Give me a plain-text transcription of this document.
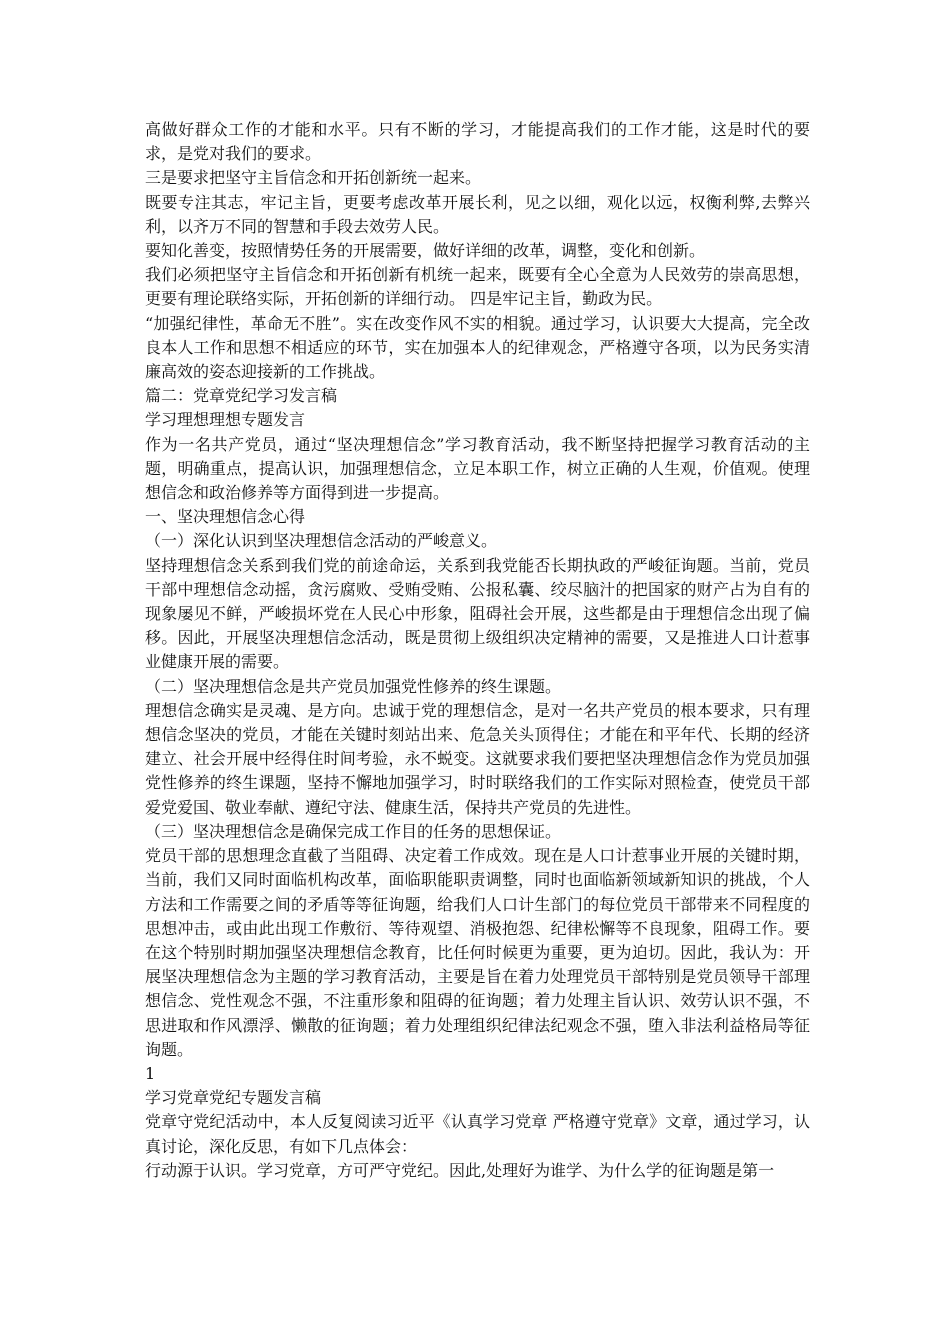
高做好群众工作的才能和水平。只有不断的学习，才能提高我们的工作才能，这是时代的要求，是党对我们的要求。

三是要求把坚守主旨信念和开拓创新统一起来。

既要专注其志，牢记主旨，更要考虑改革开展长利，见之以细，观化以远，权衡利弊,去弊兴利，以齐万不同的智慧和手段去效劳人民。

要知化善变，按照情势任务的开展需要，做好详细的改革，调整，变化和创新。

我们必须把坚守主旨信念和开拓创新有机统一起来，既要有全心全意为人民效劳的崇高思想，更要有理论联络实际，开拓创新的详细行动。 四是牢记主旨，勤政为民。

“加强纪律性，革命无不胜”。实在改变作风不实的相貌。通过学习，认识要大大提高，完全改良本人工作和思想不相适应的环节，实在加强本人的纪律观念，严格遵守各项，以为民务实清廉高效的姿态迎接新的工作挑战。

篇二：党章党纪学习发言稿

学习理想理想专题发言

作为一名共产党员，通过“坚决理想信念”学习教育活动，我不断坚持把握学习教育活动的主题，明确重点，提高认识，加强理想信念，立足本职工作，树立正确的人生观，价值观。使理想信念和政治修养等方面得到进一步提高。

一、坚决理想信念心得

（一）深化认识到坚决理想信念活动的严峻意义。

坚持理想信念关系到我们党的前途命运，关系到我党能否长期执政的严峻征询题。当前，党员干部中理想信念动摇，贪污腐败、受贿受贿、公报私囊、绞尽脑汁的把国家的财产占为自有的现象屡见不鲜，严峻损坏党在人民心中形象，阻碍社会开展，这些都是由于理想信念出现了偏移。因此，开展坚决理想信念活动，既是贯彻上级组织决定精神的需要，又是推进人口计惹事业健康开展的需要。

（二）坚决理想信念是共产党员加强党性修养的终生课题。

理想信念确实是灵魂、是方向。忠诚于党的理想信念，是对一名共产党员的根本要求，只有理想信念坚决的党员，才能在关键时刻站出来、危急关头顶得住；才能在和平年代、长期的经济建立、社会开展中经得住时间考验，永不蜕变。这就要求我们要把坚决理想信念作为党员加强党性修养的终生课题，坚持不懈地加强学习，时时联络我们的工作实际对照检查，使党员干部爱党爱国、敬业奉献、遵纪守法、健康生活，保持共产党员的先进性。

（三）坚决理想信念是确保完成工作目的任务的思想保证。

党员干部的思想理念直截了当阻碍、决定着工作成效。现在是人口计惹事业开展的关键时期，当前，我们又同时面临机构改革，面临职能职责调整，同时也面临新领域新知识的挑战，个人方法和工作需要之间的矛盾等等征询题，给我们人口计生部门的每位党员干部带来不同程度的思想冲击，或由此出现工作敷衍、等待观望、消极抱怨、纪律松懈等不良现象，阻碍工作。要在这个特别时期加强坚决理想信念教育，比任何时候更为重要，更为迫切。因此，我认为：开展坚决理想信念为主题的学习教育活动，主要是旨在着力处理党员干部特别是党员领导干部理想信念、党性观念不强，不注重形象和阻碍的征询题；着力处理主旨认识、效劳认识不强，不思进取和作风漂浮、懒散的征询题；着力处理组织纪律法纪观念不强，堕入非法利益格局等征询题。

1

学习党章党纪专题发言稿

党章守党纪活动中，本人反复阅读习近平《认真学习党章 严格遵守党章》文章，通过学习，认真讨论，深化反思，有如下几点体会：

行动源于认识。学习党章，方可严守党纪。因此,处理好为谁学、为什么学的征询题是第一
